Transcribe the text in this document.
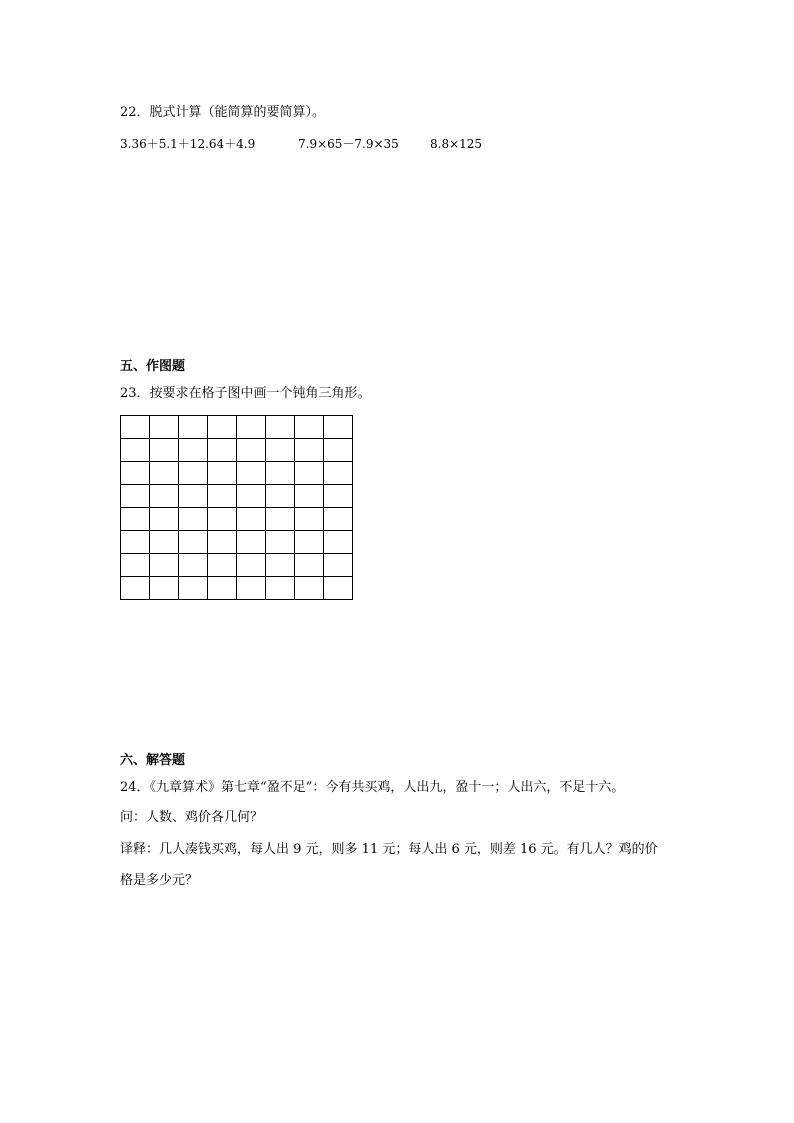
22．脱式计算（能简算的要简算）。
3.36＋5.1＋12.64＋4.9	7.9×65－7.9×35	8.8×125
五、作图题
23．按要求在格子图中画一个钝角三角形。

六、解答题
24．《九章算术》第七章“盈不足”：今有共买鸡，人出九，盈十一；人出六，不足十六。
问：人数、鸡价各几何？
译释：几人凑钱买鸡，每人出 9 元，则多 11 元；每人出 6 元，则差 16 元。有几人？鸡的价
格是多少元？
